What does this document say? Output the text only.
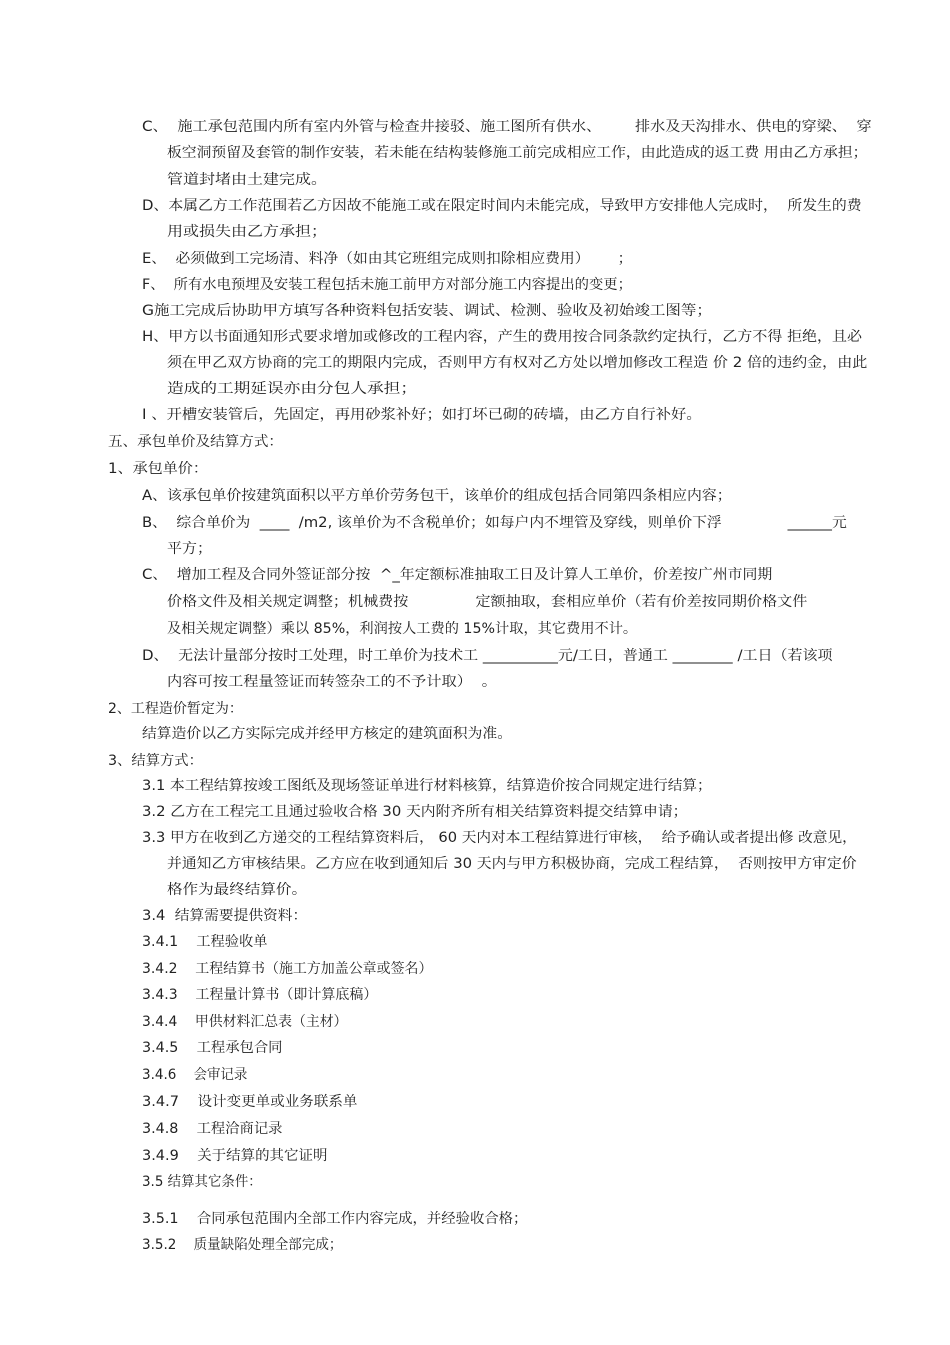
C、  施工承包范围内所有室内外管与检查井接驳、施工图所有供水、       排水及天沟排水、供电的穿梁、  穿
板空洞预留及套管的制作安装，若未能在结构装修施工前完成相应工作，由此造成的返工费 用由乙方承担；
管道封堵由土建完成。
D、本属乙方工作范围若乙方因故不能施工或在限定时间内未能完成，导致甲方安排他人完成时，  所发生的费
用或损失由乙方承担；
E、  必须做到工完场清、料净（如由其它班组完成则扣除相应费用）      ；
F、  所有水电预埋及安装工程包括未施工前甲方对部分施工内容提出的变更；
G施工完成后协助甲方填写各种资料包括安装、调试、检测、验收及初始竣工图等；
H、甲方以书面通知形式要求增加或修改的工程内容，产生的费用按合同条款约定执行，乙方不得 拒绝，且必
须在甲乙双方协商的完工的期限内完成，否则甲方有权对乙方处以增加修改工程造 价 2 倍的违约金，由此
造成的工期延误亦由分包人承担；
I 、开槽安装管后，先固定，再用砂浆补好；如打坏已砌的砖墙，由乙方自行补好。
五、承包单价及结算方式：
1、承包单价：
A、该承包单价按建筑面积以平方单价劳务包干，该单价的组成包括合同第四条相应内容；
B、  综合单价为  ____  /m2, 该单价为不含税单价；如每户内不埋管及穿线，则单价下浮              ______元
平方；
C、  增加工程及合同外签证部分按  ^_年定额标准抽取工日及计算人工单价，价差按广州市同期
价格文件及相关规定调整；机械费按              定额抽取，套相应单价（若有价差按同期价格文件
及相关规定调整）乘以 85%，利润按人工费的 15%计取，其它费用不计。
D、  无法计量部分按时工处理，时工单价为技术工 __________元/工日，普通工 ________ /工日（若该项
内容可按工程量签证而转签杂工的不予计取）  。
2、工程造价暂定为：
结算造价以乙方实际完成并经甲方核定的建筑面积为准。
3、结算方式：
3.1 本工程结算按竣工图纸及现场签证单进行材料核算，结算造价按合同规定进行结算；
3.2 乙方在工程完工且通过验收合格 30 天内附齐所有相关结算资料提交结算申请；
3.3 甲方在收到乙方递交的工程结算资料后， 60 天内对本工程结算进行审核，  给予确认或者提出修 改意见，
并通知乙方审核结果。乙方应在收到通知后 30 天内与甲方积极协商，完成工程结算，  否则按甲方审定价
格作为最终结算价。
3.4  结算需要提供资料：
3.4.1    工程验收单
3.4.2    工程结算书（施工方加盖公章或签名）
3.4.3    工程量计算书（即计算底稿）
3.4.4    甲供材料汇总表（主材）
3.4.5    工程承包合同
3.4.6    会审记录
3.4.7    设计变更单或业务联系单
3.4.8    工程洽商记录
3.4.9    关于结算的其它证明
3.5 结算其它条件：
3.5.1    合同承包范围内全部工作内容完成，并经验收合格；
3.5.2    质量缺陷处理全部完成；
